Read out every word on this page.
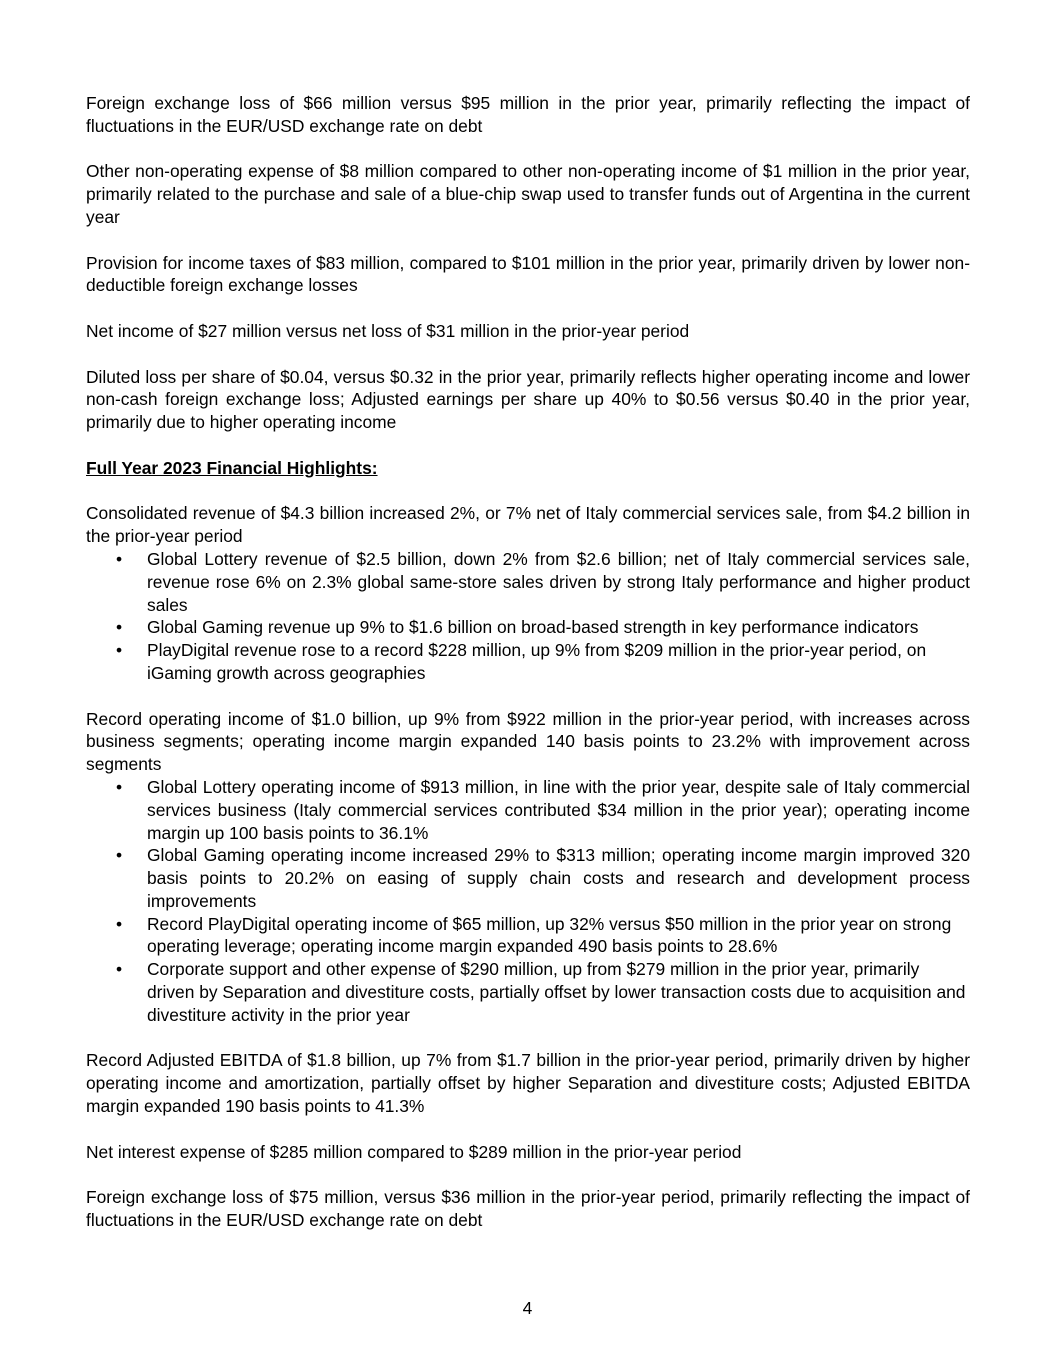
Foreign exchange loss of $66 million versus $95 million in the prior year, primarily reflecting the impact of fluctuations in the EUR/USD exchange rate on debt

Other non-operating expense of $8 million compared to other non-operating income of $1 million in the prior year, primarily related to the purchase and sale of a blue-chip swap used to transfer funds out of Argentina in the current year

Provision for income taxes of $83 million, compared to $101 million in the prior year, primarily driven by lower non-deductible foreign exchange losses

Net income of $27 million versus net loss of $31 million in the prior-year period

Diluted loss per share of $0.04, versus $0.32 in the prior year, primarily reflects higher operating income and lower non-cash foreign exchange loss; Adjusted earnings per share up 40% to $0.56 versus $0.40 in the prior year, primarily due to higher operating income

Full Year 2023 Financial Highlights:

Consolidated revenue of $4.3 billion increased 2%, or 7% net of Italy commercial services sale, from $4.2 billion in the prior-year period

• Global Lottery revenue of $2.5 billion, down 2% from $2.6 billion; net of Italy commercial services sale, revenue rose 6% on 2.3% global same-store sales driven by strong Italy performance and higher product sales
• Global Gaming revenue up 9% to $1.6 billion on broad-based strength in key performance indicators
• PlayDigital revenue rose to a record $228 million, up 9% from $209 million in the prior-year period, on iGaming growth across geographies

Record operating income of $1.0 billion, up 9% from $922 million in the prior-year period, with increases across business segments; operating income margin expanded 140 basis points to 23.2% with improvement across segments

• Global Lottery operating income of $913 million, in line with the prior year, despite sale of Italy commercial services business (Italy commercial services contributed $34 million in the prior year); operating income margin up 100 basis points to 36.1%
• Global Gaming operating income increased 29% to $313 million; operating income margin improved 320 basis points to 20.2% on easing of supply chain costs and research and development process improvements
• Record PlayDigital operating income of $65 million, up 32% versus $50 million in the prior year on strong operating leverage; operating income margin expanded 490 basis points to 28.6%
• Corporate support and other expense of $290 million, up from $279 million in the prior year, primarily driven by Separation and divestiture costs, partially offset by lower transaction costs due to acquisition and divestiture activity in the prior year

Record Adjusted EBITDA of $1.8 billion, up 7% from $1.7 billion in the prior-year period, primarily driven by higher operating income and amortization, partially offset by higher Separation and divestiture costs; Adjusted EBITDA margin expanded 190 basis points to 41.3%

Net interest expense of $285 million compared to $289 million in the prior-year period

Foreign exchange loss of $75 million, versus $36 million in the prior-year period, primarily reflecting the impact of fluctuations in the EUR/USD exchange rate on debt

4
